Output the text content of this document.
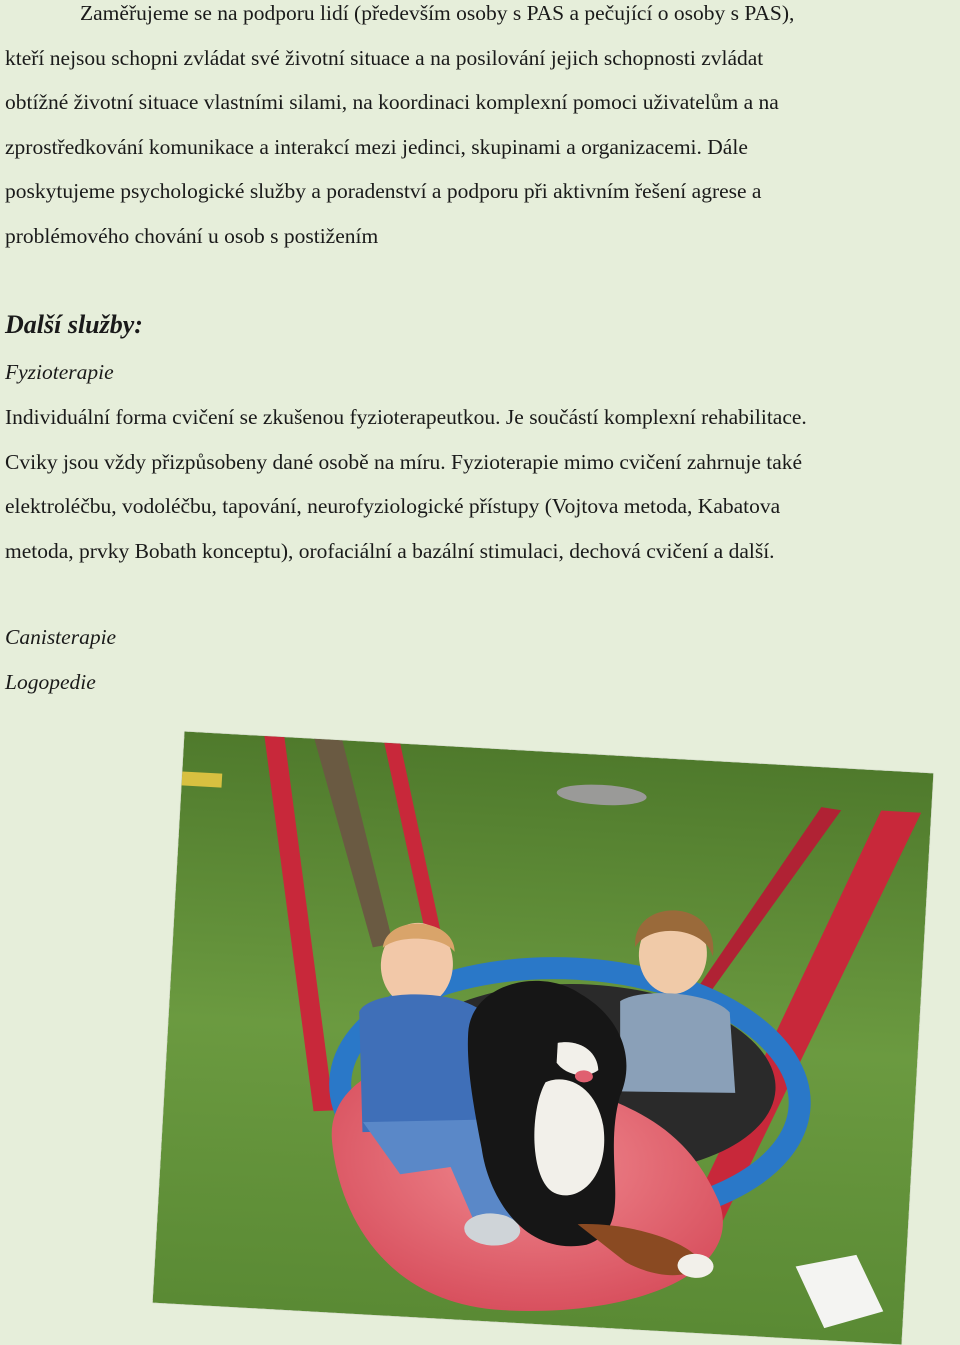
Zaměřujeme se na podporu lidí (především osoby s PAS a pečující o osoby s PAS),
kteří nejsou schopni zvládat své životní situace a na posilování jejich schopnosti zvládat
obtížné životní situace vlastními silami, na koordinaci komplexní pomoci uživatelům a na
zprostředkování komunikace a interakcí mezi jedinci, skupinami a organizacemi. Dále
poskytujeme psychologické služby a poradenství a podporu při aktivním řešení agrese a
problémového chování u osob s postižením

Další služby:

Fyzioterapie

Individuální forma cvičení se zkušenou fyzioterapeutkou. Je součástí komplexní rehabilitace.
Cviky jsou vždy přizpůsobeny dané osobě na míru. Fyzioterapie mimo cvičení zahrnuje také
elektroléčbu, vodoléčbu, tapování, neurofyziologické přístupy (Vojtova metoda, Kabatova
metoda, prvky Bobath konceptu), orofaciální a bazální stimulaci, dechová cvičení a další.

Canisterapie

Logopedie
